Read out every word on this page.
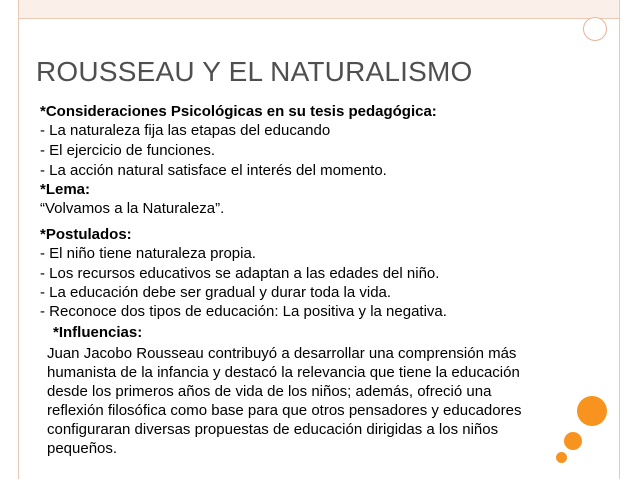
ROUSSEAU Y EL NATURALISMO
*Consideraciones Psicológicas en su tesis pedagógica:
- La naturaleza fija las etapas del educando
- El ejercicio de funciones.
- La acción natural satisface el interés del momento.
*Lema:
“Volvamos a la Naturaleza”.
*Postulados:
- El niño tiene naturaleza propia.
- Los recursos educativos se adaptan a las edades del niño.
- La educación debe ser gradual y durar toda la vida.
- Reconoce dos tipos de educación: La positiva y la negativa.
*Influencias:
Juan Jacobo Rousseau contribuyó a desarrollar una comprensión más
humanista de la infancia y destacó la relevancia que tiene la educación
desde los primeros años de vida de los niños; además, ofreció una
reflexión filosófica como base para que otros pensadores y educadores
configuraran diversas propuestas de educación dirigidas a los niños
pequeños.
